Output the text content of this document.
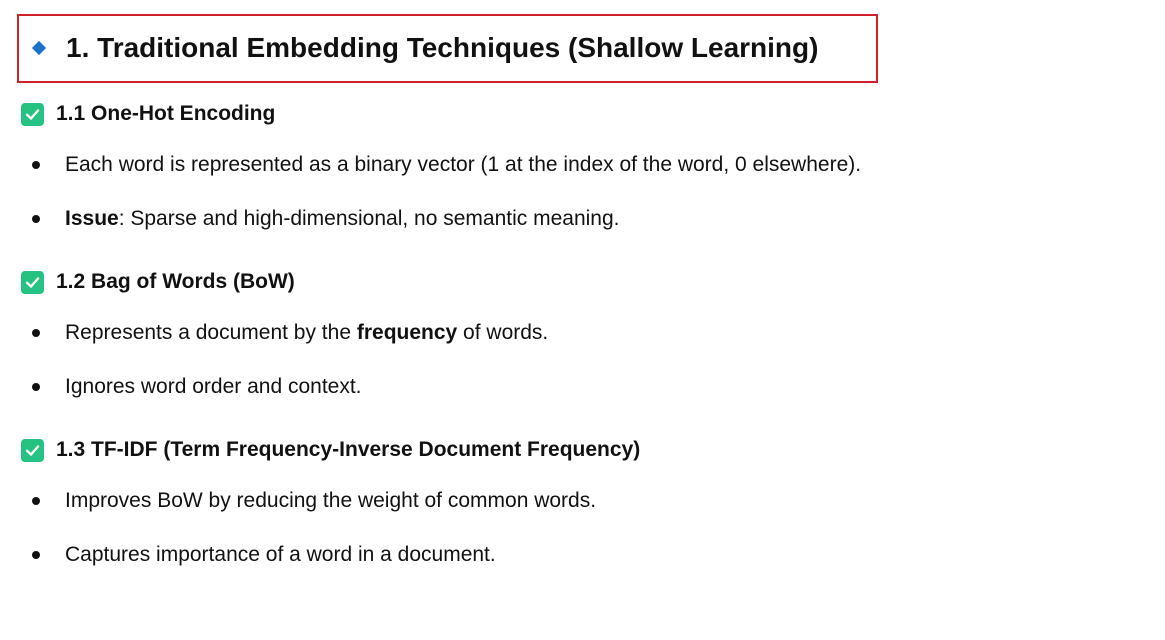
1. Traditional Embedding Techniques (Shallow Learning)
1.1 One-Hot Encoding
Each word is represented as a binary vector (1 at the index of the word, 0 elsewhere).
Issue: Sparse and high-dimensional, no semantic meaning.
1.2 Bag of Words (BoW)
Represents a document by the frequency of words.
Ignores word order and context.
1.3 TF-IDF (Term Frequency-Inverse Document Frequency)
Improves BoW by reducing the weight of common words.
Captures importance of a word in a document.
